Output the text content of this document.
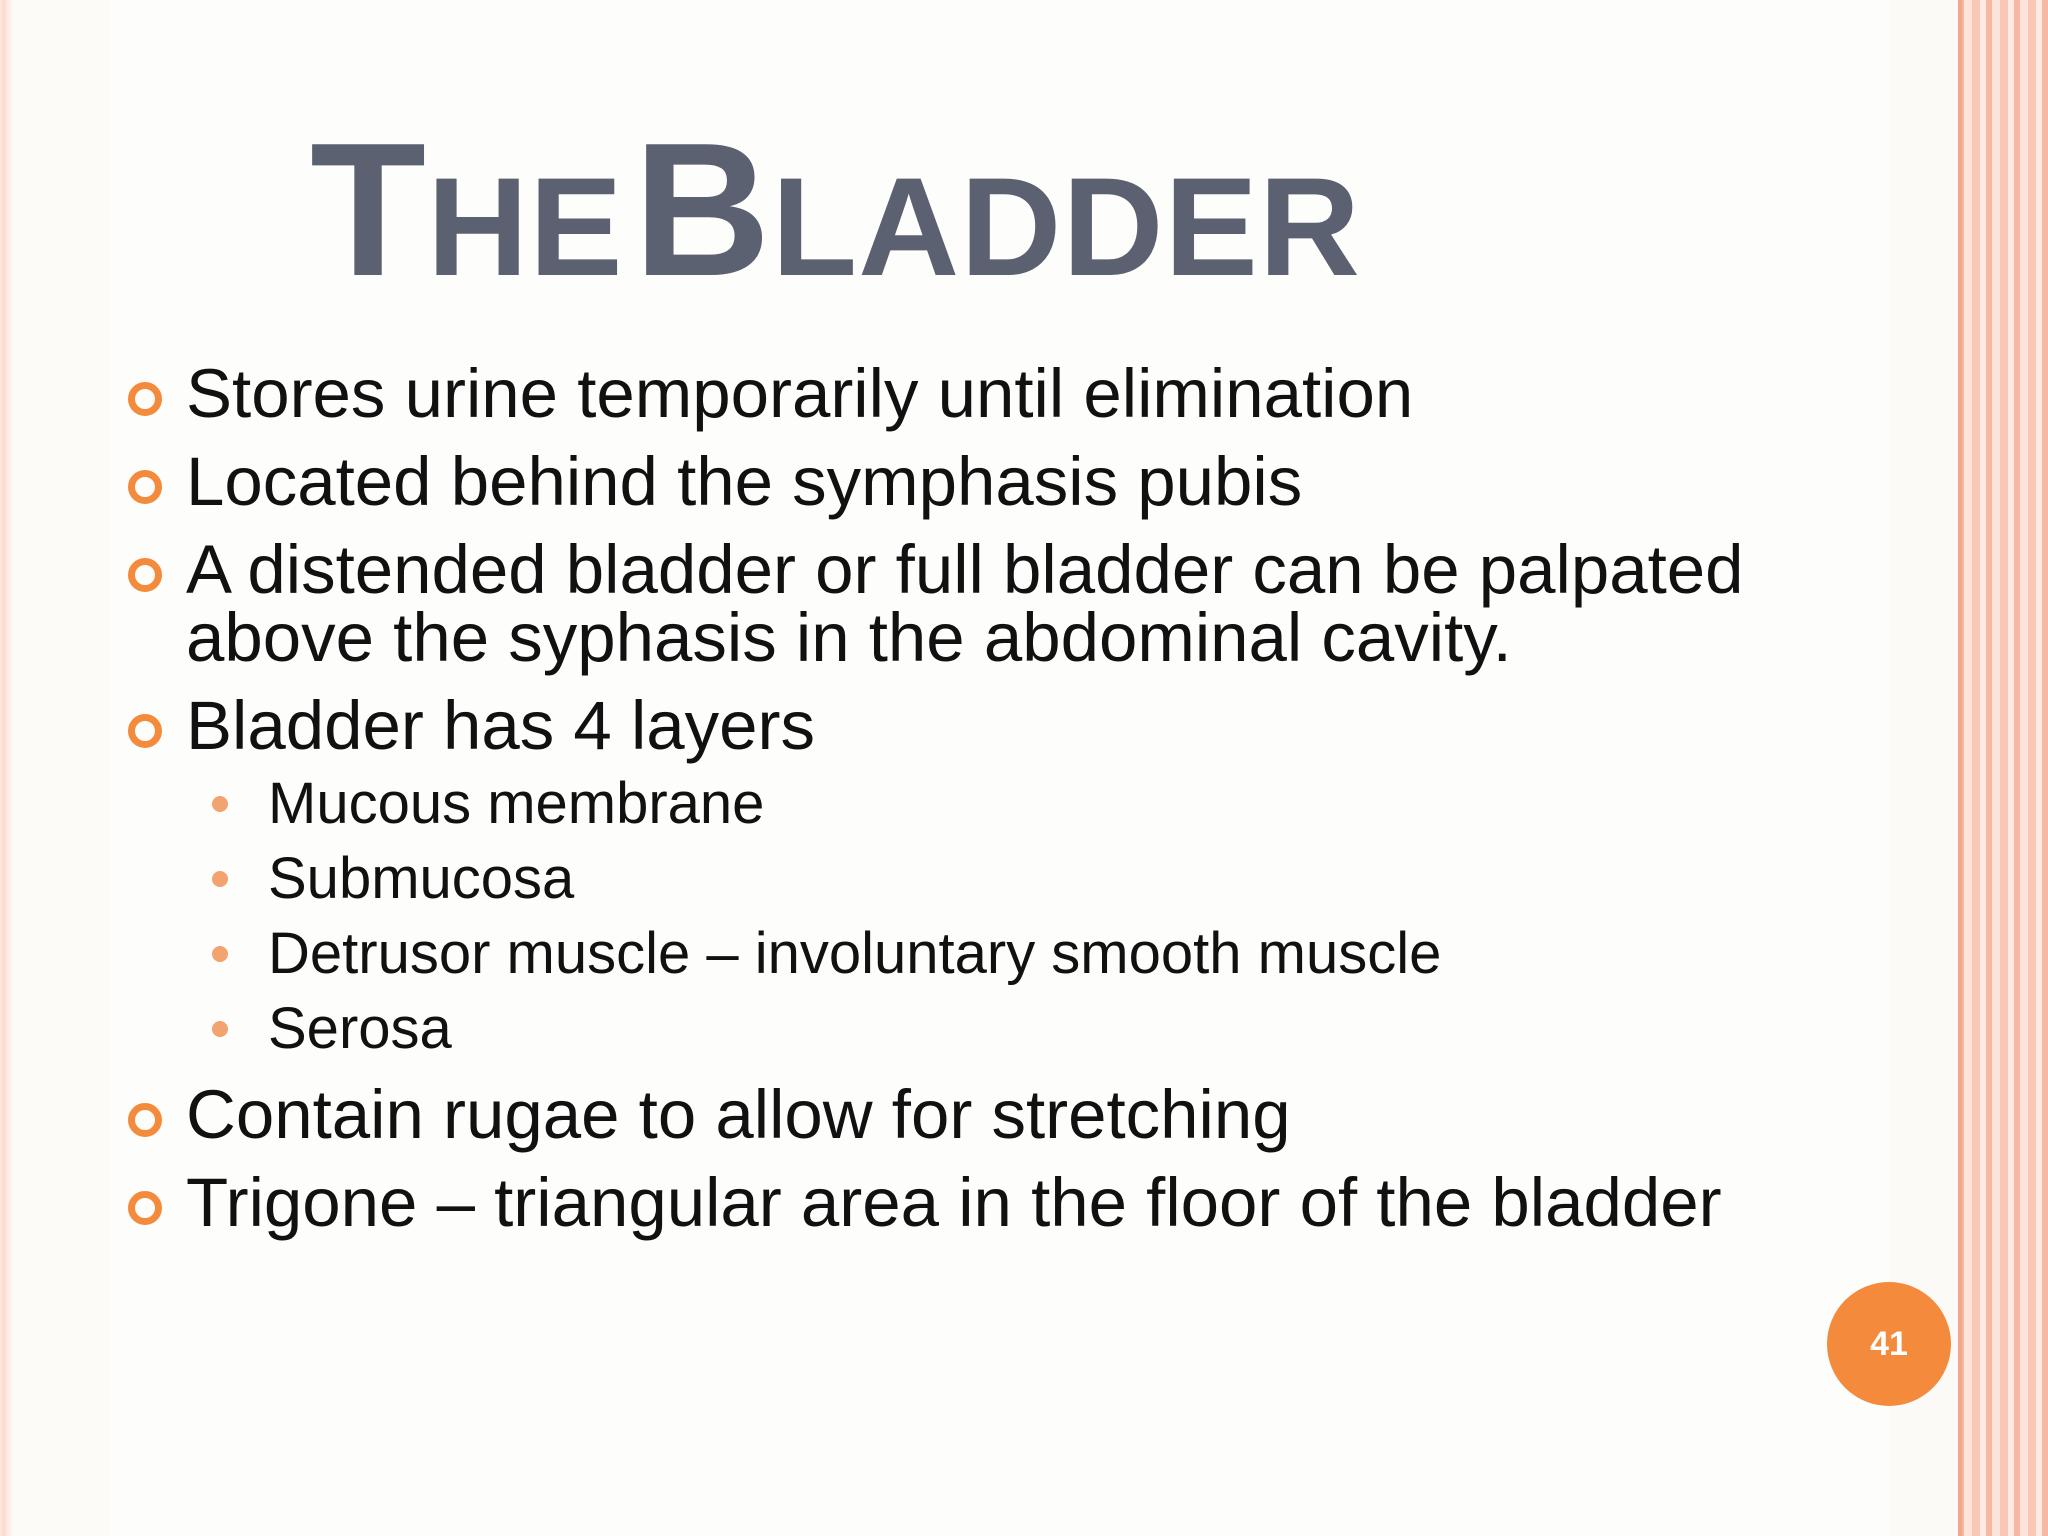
THE BLADDER
Stores urine temporarily until elimination
Located behind the symphasis pubis
A distended bladder or full bladder can be palpated above the syphasis in the abdominal cavity.
Bladder has 4 layers
Mucous membrane
Submucosa
Detrusor muscle – involuntary smooth muscle
Serosa
Contain rugae to allow for stretching
Trigone – triangular area in the floor of the bladder
41
